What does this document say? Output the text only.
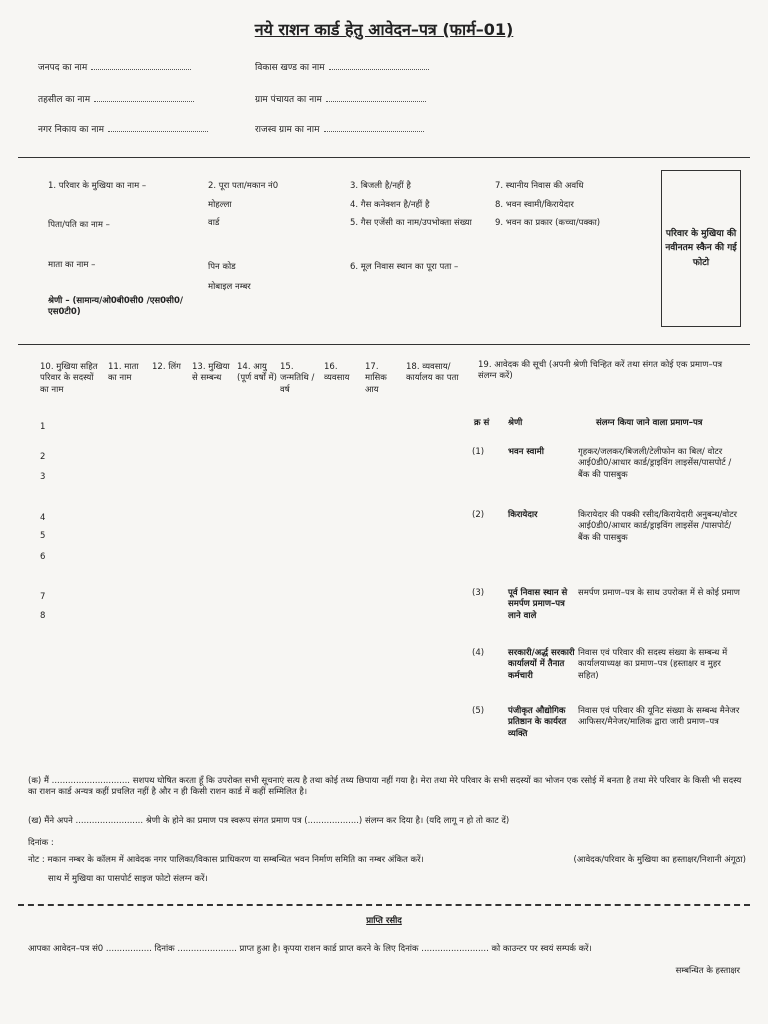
नये राशन कार्ड हेतु आवेदन–पत्र (फार्म–01)
जनपद का नाम
तहसील का नाम
नगर निकाय का नाम
विकास खण्ड का नाम
ग्राम पंचायत का नाम
राजस्व ग्राम का नाम
1. परिवार के मुखिया का नाम –
पिता/पति का नाम –
माता का नाम –
श्रेणी – (सामान्य/ओ0बी0सी0 /एस0सी0/एस0टी0)
2. पूरा पता/मकान नं0
मोहल्ला
वार्ड
पिन कोड
मोबाइल नम्बर
3. बिजली है/नहीं है
4. गैस कनेक्शन है/नहीं है
5. गैस एजेंसी का नाम/उपभोक्ता संख्या
6. मूल निवास स्थान का पूरा पता –
7. स्थानीय निवास की अवधि
8. भवन स्वामी/किरायेदार
9. भवन का प्रकार (कच्चा/पक्का)
परिवार के मुखिया की नवीनतम स्कैन की गई फोटो
10. मुखिया सहित परिवार के सदस्यों का नाम
11. माता का नाम
12. लिंग	13. मुखिया से सम्बन्ध
14. आयु (पूर्ण वर्षों में)
15. जन्मतिथि /वर्ष
16. व्यवसाय
17. मासिक आय
18. व्यवसाय/कार्यालय का पता
1
2
3
4
5
6
7
8
19. आवेदक की सूची (अपनी श्रेणी चिन्हित करें तथा संगत कोई एक प्रमाण–पत्र संलग्न करें)
क्र सं श्रेणी	संलग्न किया जाने वाला प्रमाण–पत्र
(1)	भवन स्वामी	गृहकर/जलकर/बिजली/टेलीफोन का बिल/ वोटर आई0डी0/आधार कार्ड/ड्राइविंग लाइसेंस/पासपोर्ट / बैंक की पासबुक
(2)	किरायेदार	किरायेदार की पक्की रसीद/किरायेदारी अनुबन्ध/वोटर आई0डी0/आधार कार्ड/ड्राइविंग लाइसेंस /पासपोर्ट/बैंक की पासबुक
(3)	पूर्व निवास स्थान से समर्पण प्रमाण–पत्र लाने वाले
समर्पण प्रमाण–पत्र के साथ उपरोक्त में से कोई प्रमाण
(4)	सरकारी/अर्द्ध सरकारी कार्यालयों में तैनात कर्मचारी
निवास एवं परिवार की सदस्य संख्या के सम्बन्ध में कार्यालयाध्यक्ष का प्रमाण–पत्र (हस्ताक्षर व मुहर सहित)
(5)	पंजीकृत औद्योगिक प्रतिष्ठान के कार्यरत व्यक्ति
निवास एवं परिवार की यूनिट संख्या के सम्बन्ध मैनेजर आफिसर/मैनेजर/मालिक द्वारा जारी प्रमाण–पत्र
(क) मैं ............................. सशपथ घोषित करता हूँ कि उपरोक्त सभी सूचनाएं सत्य है तथा कोई तथ्य छिपाया नहीं गया है। मेरा तथा मेरे परिवार के सभी सदस्यों का भोजन एक रसोई में बनता है तथा मेरे परिवार के किसी भी सदस्य का राशन कार्ड अन्यत्र कहीं प्रचलित नहीं है और न ही किसी राशन कार्ड में कहीं सम्मिलित है।
(ख) मैंने अपने ......................... श्रेणी के होने का प्रमाण पत्र स्वरूप संगत प्रमाण पत्र (...................) संलग्न कर दिया है। (यदि लागू न हो तो काट दें)
दिनांक :
नोट : मकान नम्बर के कॉलम में आवेदक नगर पालिका/विकास प्राधिकरण या सम्बन्धित भवन निर्माण समिति का नम्बर अंकित करें।	(आवेदक/परिवार के मुखिया का हस्ताक्षर/निशानी अंगूठा)
साथ में मुखिया का पासपोर्ट साइज फोटो संलग्न करें।
प्राप्ति रसीद
आपका आवेदन–पत्र सं0 ................. दिनांक ...................... प्राप्त हुआ है। कृपया राशन कार्ड प्राप्त करने के लिए दिनांक ......................... को काउन्टर पर स्वयं सम्पर्क करें।
सम्बन्धित के हस्ताक्षर
